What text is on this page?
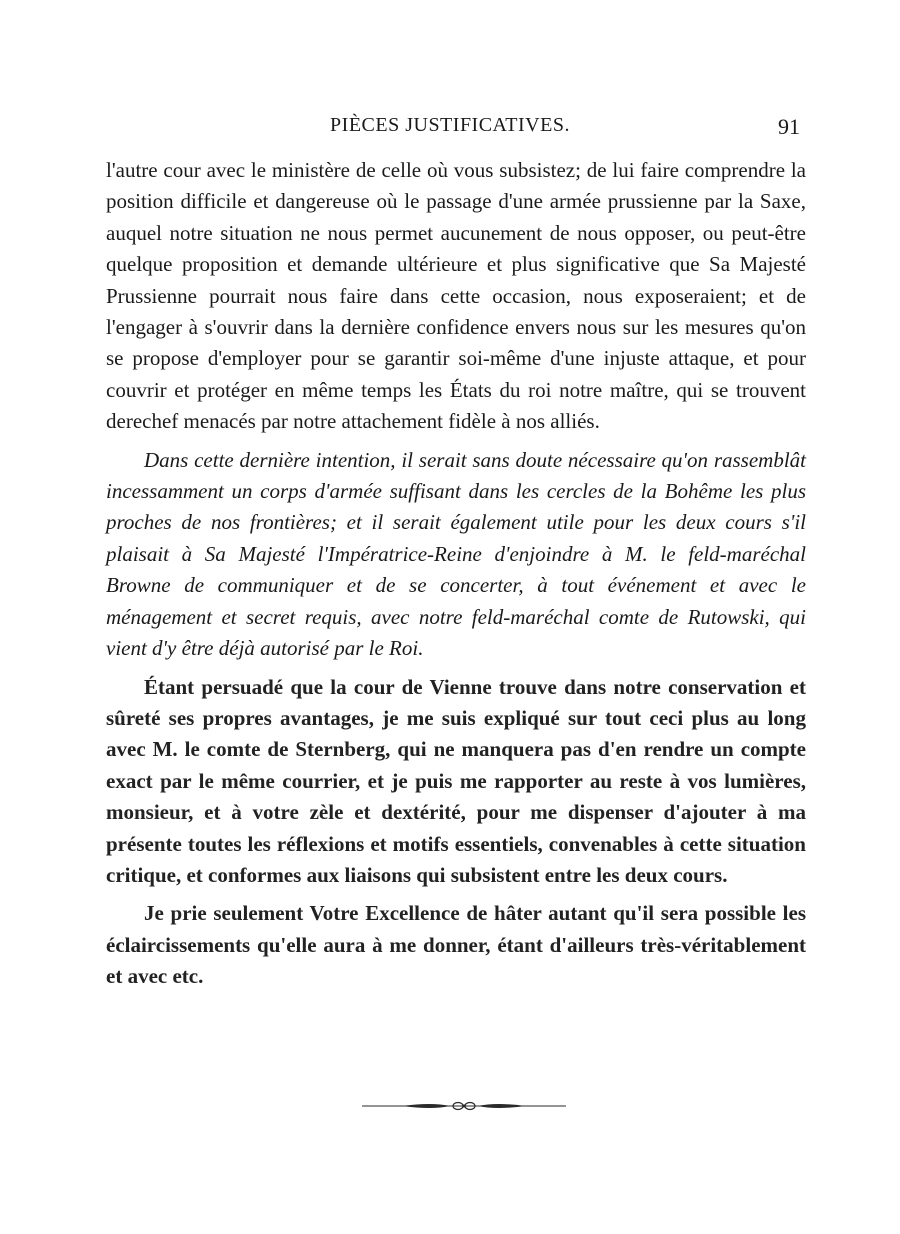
PIÈCES JUSTIFICATIVES.	91

l'autre cour avec le ministère de celle où vous subsistez; de lui faire comprendre la position difficile et dangereuse où le passage d'une armée prussienne par la Saxe, auquel notre situation ne nous permet aucunement de nous opposer, ou peut-être quelque proposition et demande ultérieure et plus significative que Sa Majesté Prussienne pourrait nous faire dans cette occasion, nous exposeraient; et de l'engager à s'ouvrir dans la dernière confidence envers nous sur les mesures qu'on se propose d'employer pour se garantir soi-même d'une injuste attaque, et pour couvrir et protéger en même temps les États du roi notre maître, qui se trouvent derechef menacés par notre attachement fidèle à nos alliés.

Dans cette dernière intention, il serait sans doute nécessaire qu'on rassemblât incessamment un corps d'armée suffisant dans les cercles de la Bohême les plus proches de nos frontières; et il serait également utile pour les deux cours s'il plaisait à Sa Majesté l'Impératrice-Reine d'enjoindre à M. le feld-maréchal Browne de communiquer et de se concerter, à tout événement et avec le ménagement et secret requis, avec notre feld-maréchal comte de Rutowski, qui vient d'y être déjà autorisé par le Roi.

Étant persuadé que la cour de Vienne trouve dans notre conservation et sûreté ses propres avantages, je me suis expliqué sur tout ceci plus au long avec M. le comte de Sternberg, qui ne manquera pas d'en rendre un compte exact par le même courrier, et je puis me rapporter au reste à vos lumières, monsieur, et à votre zèle et dextérité, pour me dispenser d'ajouter à ma présente toutes les réflexions et motifs essentiels, convenables à cette situation critique, et conformes aux liaisons qui subsistent entre les deux cours.

Je prie seulement Votre Excellence de hâter autant qu'il sera possible les éclaircissements qu'elle aura à me donner, étant d'ailleurs très-véritablement et avec etc.
